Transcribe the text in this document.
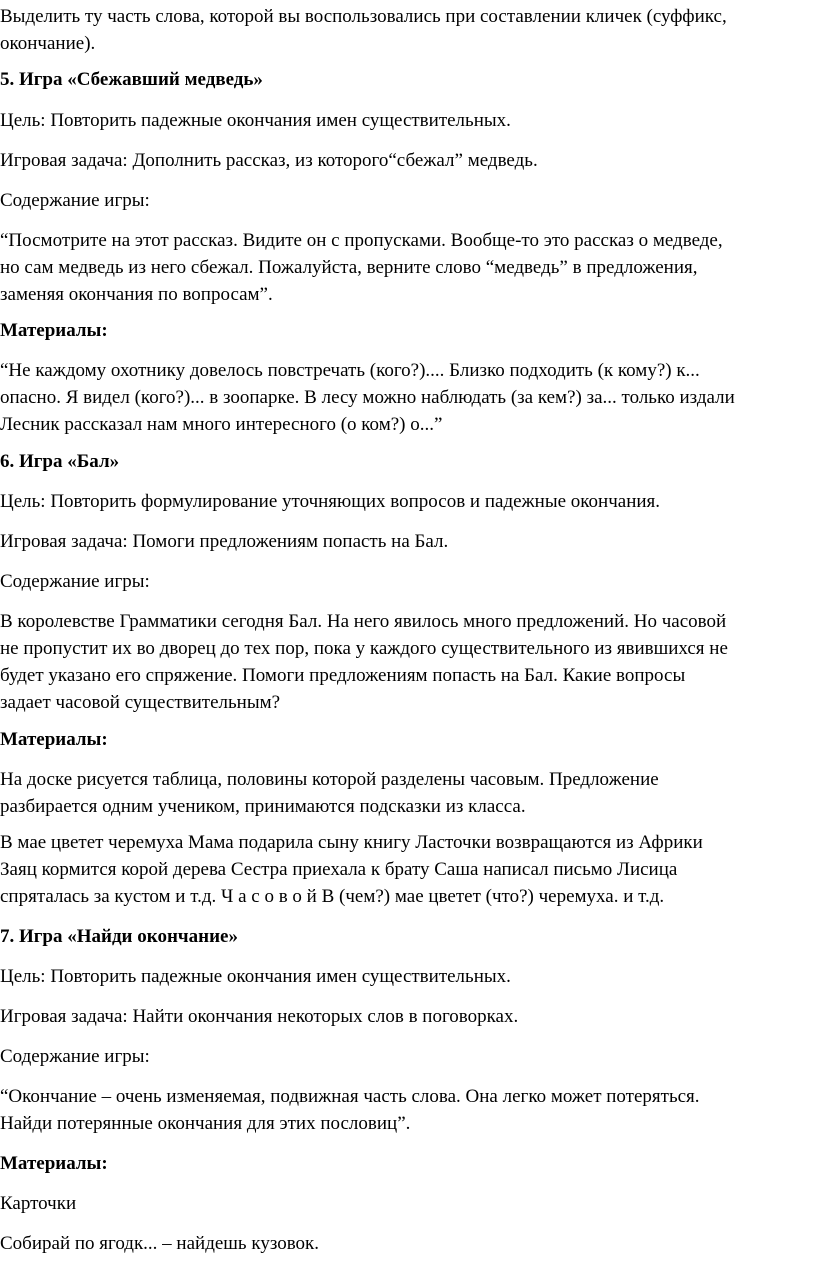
Выделить ту часть слова, которой вы воспользовались при составлении кличек (суффикс,
окончание).
5. Игра «Сбежавший медведь»
Цель: Повторить падежные окончания имен существительных.
Игровая задача: Дополнить рассказ, из которого“сбежал” медведь.
Содержание игры:
“Посмотрите на этот рассказ. Видите он с пропусками. Вообще-то это рассказ о медведе,
но сам медведь из него сбежал. Пожалуйста, верните слово “медведь” в предложения,
заменяя окончания по вопросам”.
Материалы:
“Не каждому охотнику довелось повстречать (кого?).... Близко подходить (к кому?) к...
опасно. Я видел (кого?)... в зоопарке. В лесу можно наблюдать (за кем?) за... только издали
Лесник рассказал нам много интересного (о ком?) о...”
6. Игра «Бал»
Цель: Повторить формулирование уточняющих вопросов и падежные окончания.
Игровая задача: Помоги предложениям попасть на Бал.
Содержание игры:
В королевстве Грамматики сегодня Бал. На него явилось много предложений. Но часовой
не пропустит их во дворец до тех пор, пока у каждого существительного из явившихся не
будет указано его спряжение. Помоги предложениям попасть на Бал. Какие вопросы
задает часовой существительным?
Материалы:
На доске рисуется таблица, половины которой разделены часовым. Предложение
разбирается одним учеником, принимаются подсказки из класса.
В мае цветет черемуха Мама подарила сыну книгу Ласточки возвращаются из Африки
Заяц кормится корой дерева Сестра приехала к брату Саша написал письмо Лисица
спряталась за кустом и т.д. Ч а с о в о й В (чем?) мае цветет (что?) черемуха. и т.д.
7. Игра «Найди окончание»
Цель: Повторить падежные окончания имен существительных.
Игровая задача: Найти окончания некоторых слов в поговорках.
Содержание игры:
“Окончание – очень изменяемая, подвижная часть слова. Она легко может потеряться.
Найди потерянные окончания для этих пословиц”.
Материалы:
Карточки
Собирай по ягодк... – найдешь кузовок.
